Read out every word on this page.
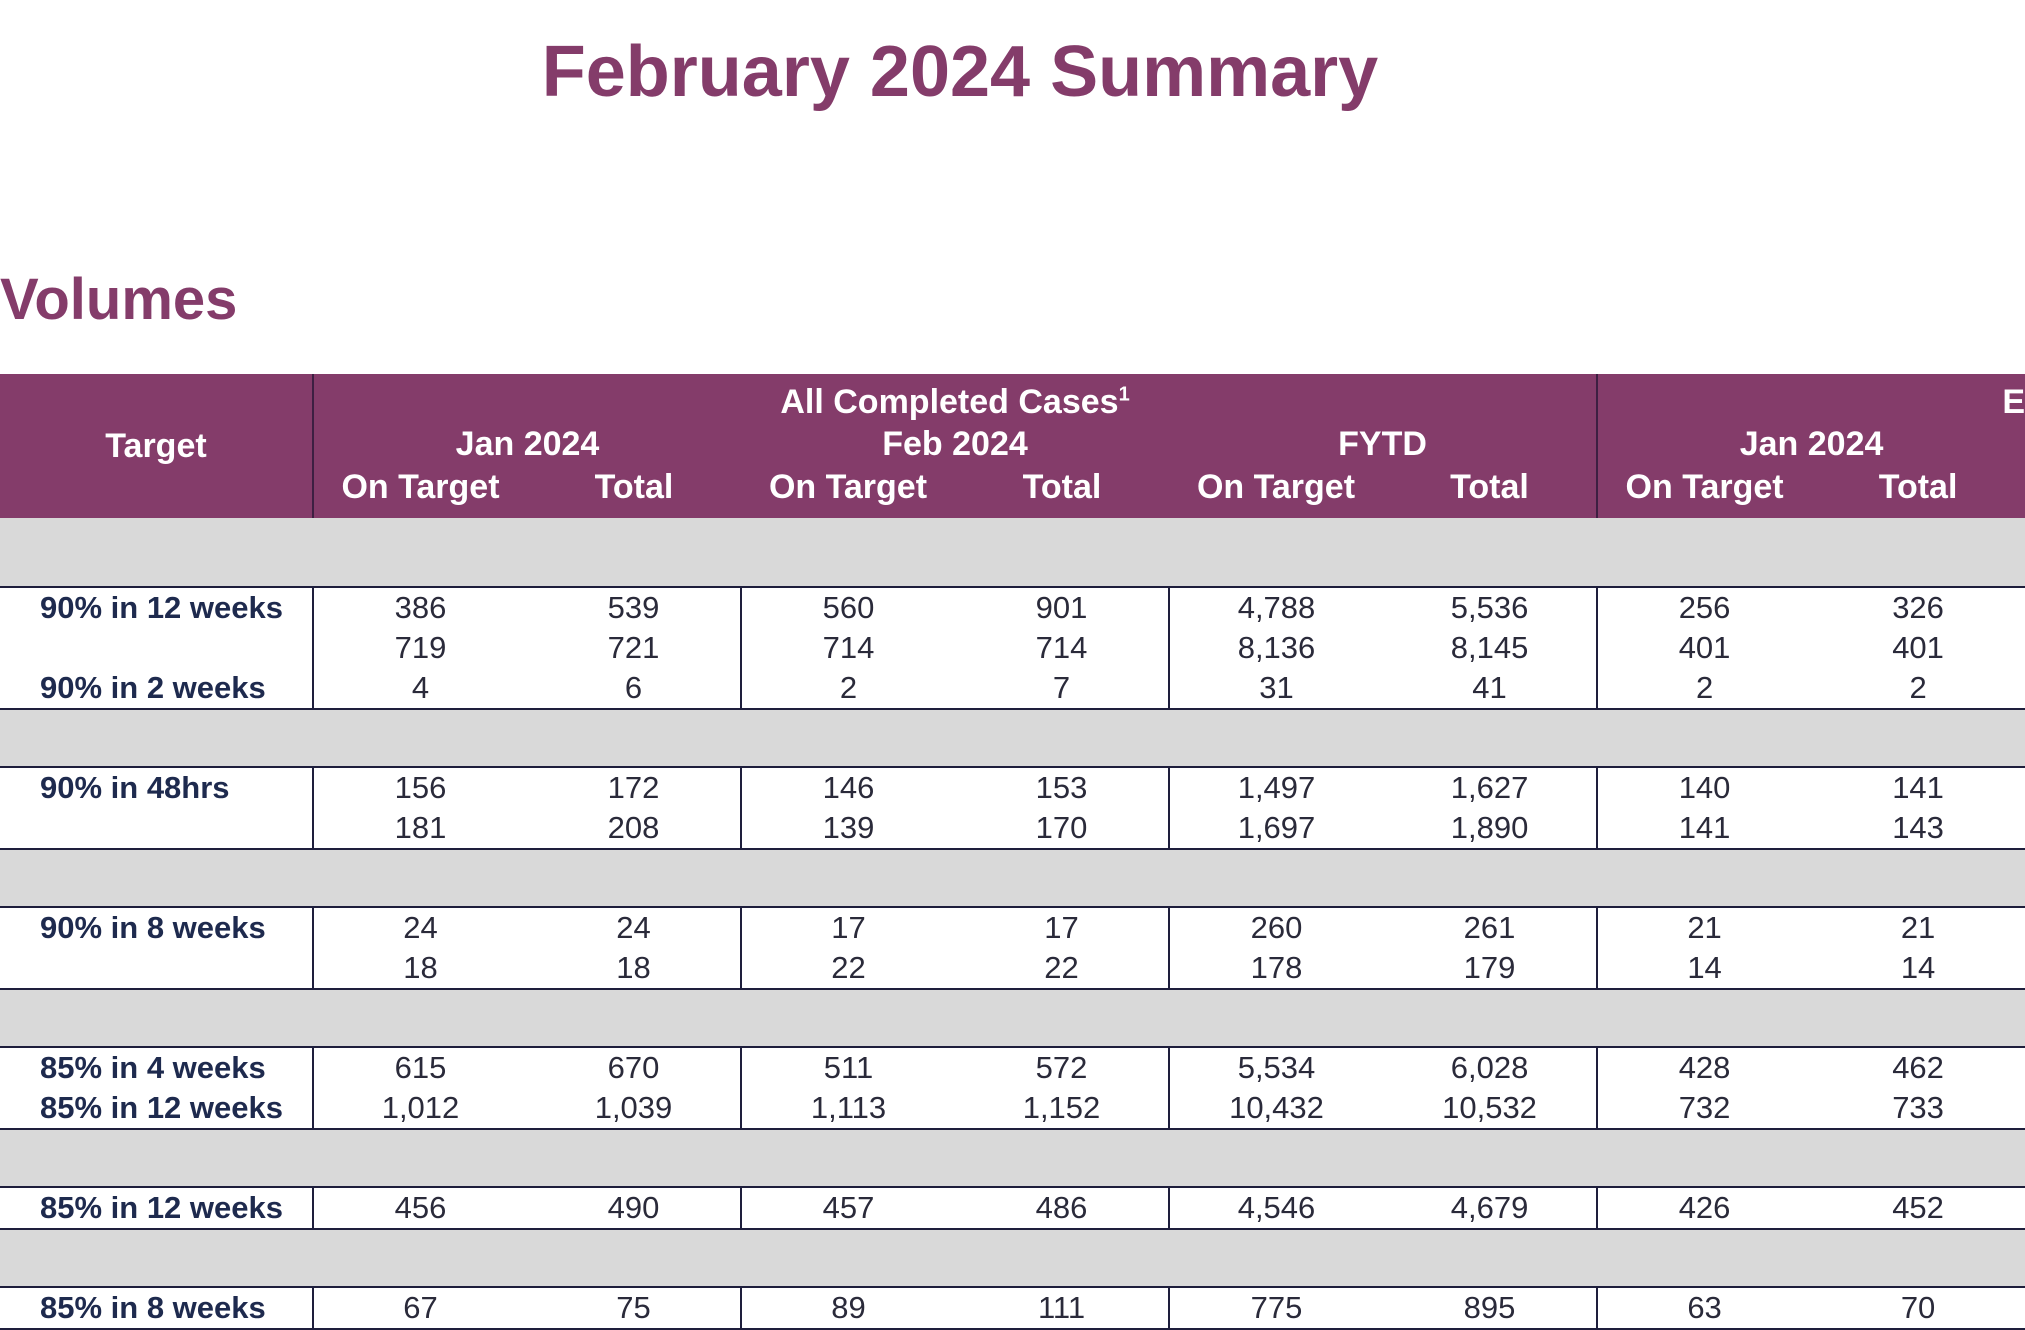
February 2024 Summary
Volumes
Target	All Completed Cases$^1$						E	
	Jan 2024		Feb 2024		FYTD		Jan 2024	
	On Target	Total	On Target	Total	On Target	Total	On Target	Total

90% in 12 weeks	386	539	560	901	4,788	5,536	256	326
	719	721	714	714	8,136	8,145	401	401
90% in 2 weeks	4	6	2	7	31	41	2	2

90% in 48hrs	156	172	146	153	1,497	1,627	140	141
	181	208	139	170	1,697	1,890	141	143

90% in 8 weeks	24	24	17	17	260	261	21	21
	18	18	22	22	178	179	14	14

85% in 4 weeks	615	670	511	572	5,534	6,028	428	462
85% in 12 weeks	1,012	1,039	1,113	1,152	10,432	10,532	732	733

85% in 12 weeks	456	490	457	486	4,546	4,679	426	452

85% in 8 weeks	67	75	89	111	775	895	63	70
